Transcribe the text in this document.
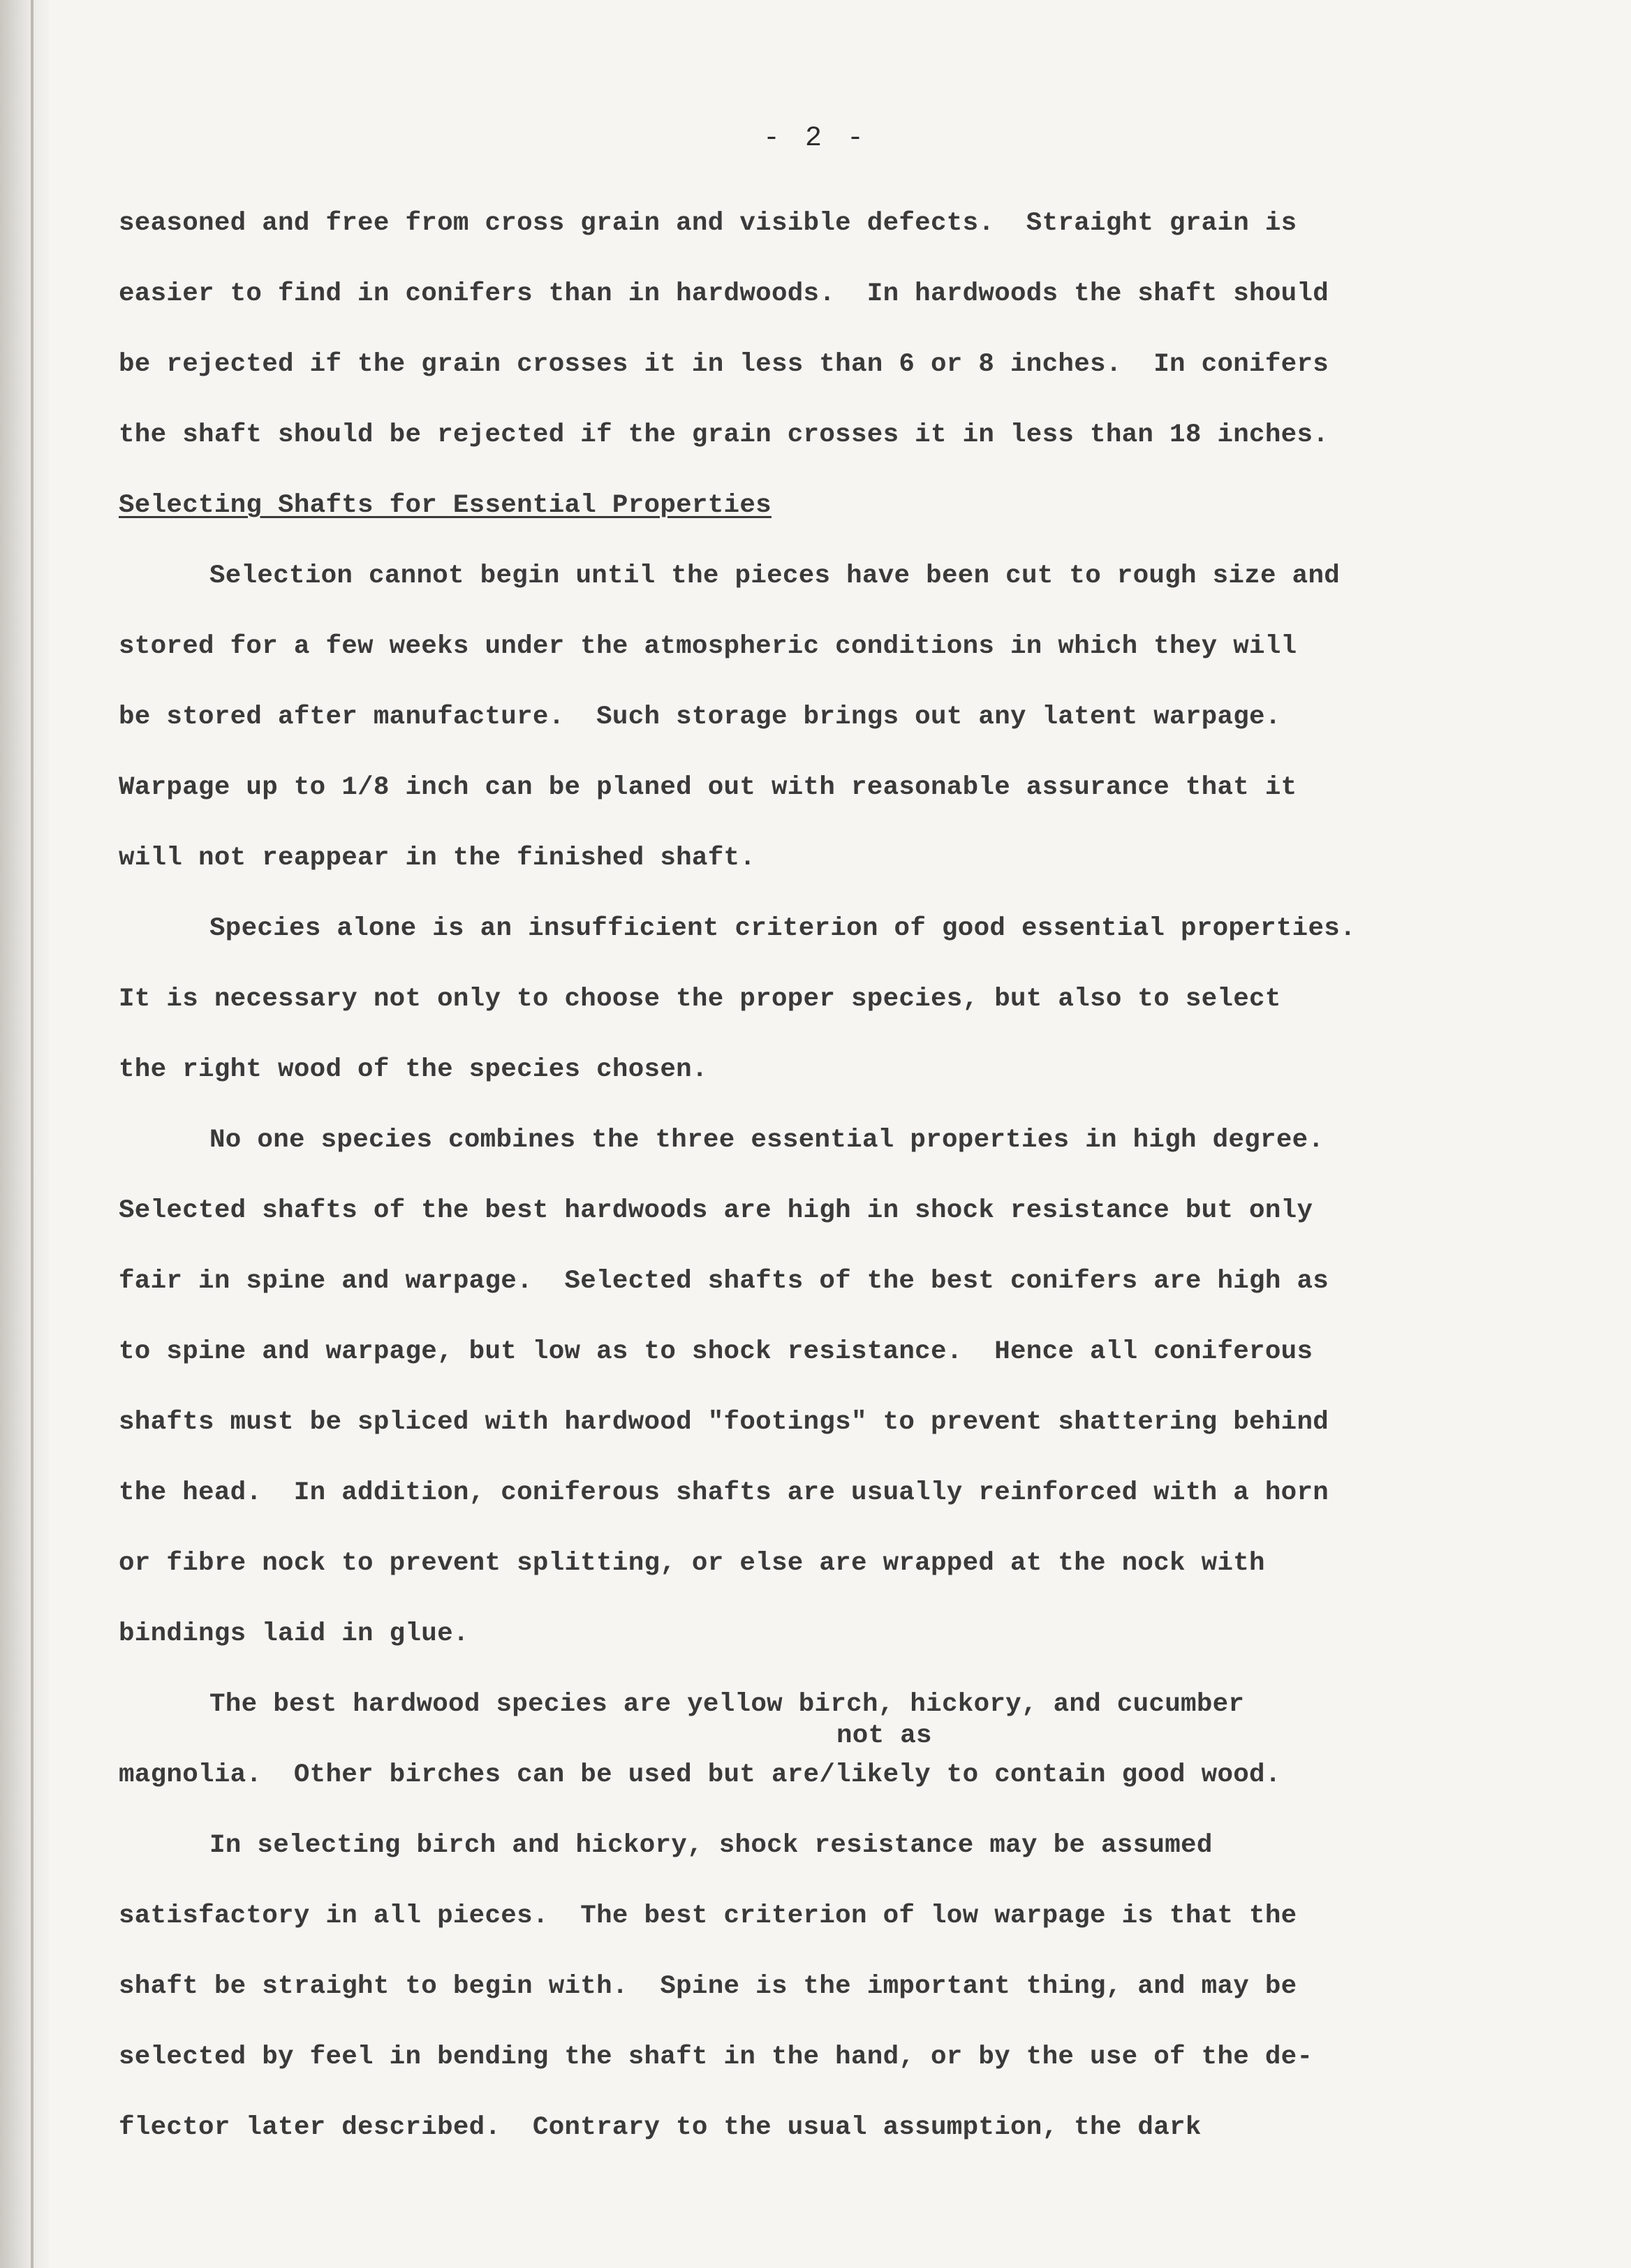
- 2 -
seasoned and free from cross grain and visible defects.  Straight grain is
easier to find in conifers than in hardwoods.  In hardwoods the shaft should
be rejected if the grain crosses it in less than 6 or 8 inches.  In conifers
the shaft should be rejected if the grain crosses it in less than 18 inches.
Selecting Shafts for Essential Properties
Selection cannot begin until the pieces have been cut to rough size and
stored for a few weeks under the atmospheric conditions in which they will
be stored after manufacture.  Such storage brings out any latent warpage.
Warpage up to 1/8 inch can be planed out with reasonable assurance that it
will not reappear in the finished shaft.
Species alone is an insufficient criterion of good essential properties.
It is necessary not only to choose the proper species, but also to select
the right wood of the species chosen.
No one species combines the three essential properties in high degree.
Selected shafts of the best hardwoods are high in shock resistance but only
fair in spine and warpage.  Selected shafts of the best conifers are high as
to spine and warpage, but low as to shock resistance.  Hence all coniferous
shafts must be spliced with hardwood "footings" to prevent shattering behind
the head.  In addition, coniferous shafts are usually reinforced with a horn
or fibre nock to prevent splitting, or else are wrapped at the nock with
bindings laid in glue.
The best hardwood species are yellow birch, hickory, and cucumber
not as
magnolia.  Other birches can be used but are/likely to contain good wood.
In selecting birch and hickory, shock resistance may be assumed
satisfactory in all pieces.  The best criterion of low warpage is that the
shaft be straight to begin with.  Spine is the important thing, and may be
selected by feel in bending the shaft in the hand, or by the use of the de-
flector later described.  Contrary to the usual assumption, the dark
